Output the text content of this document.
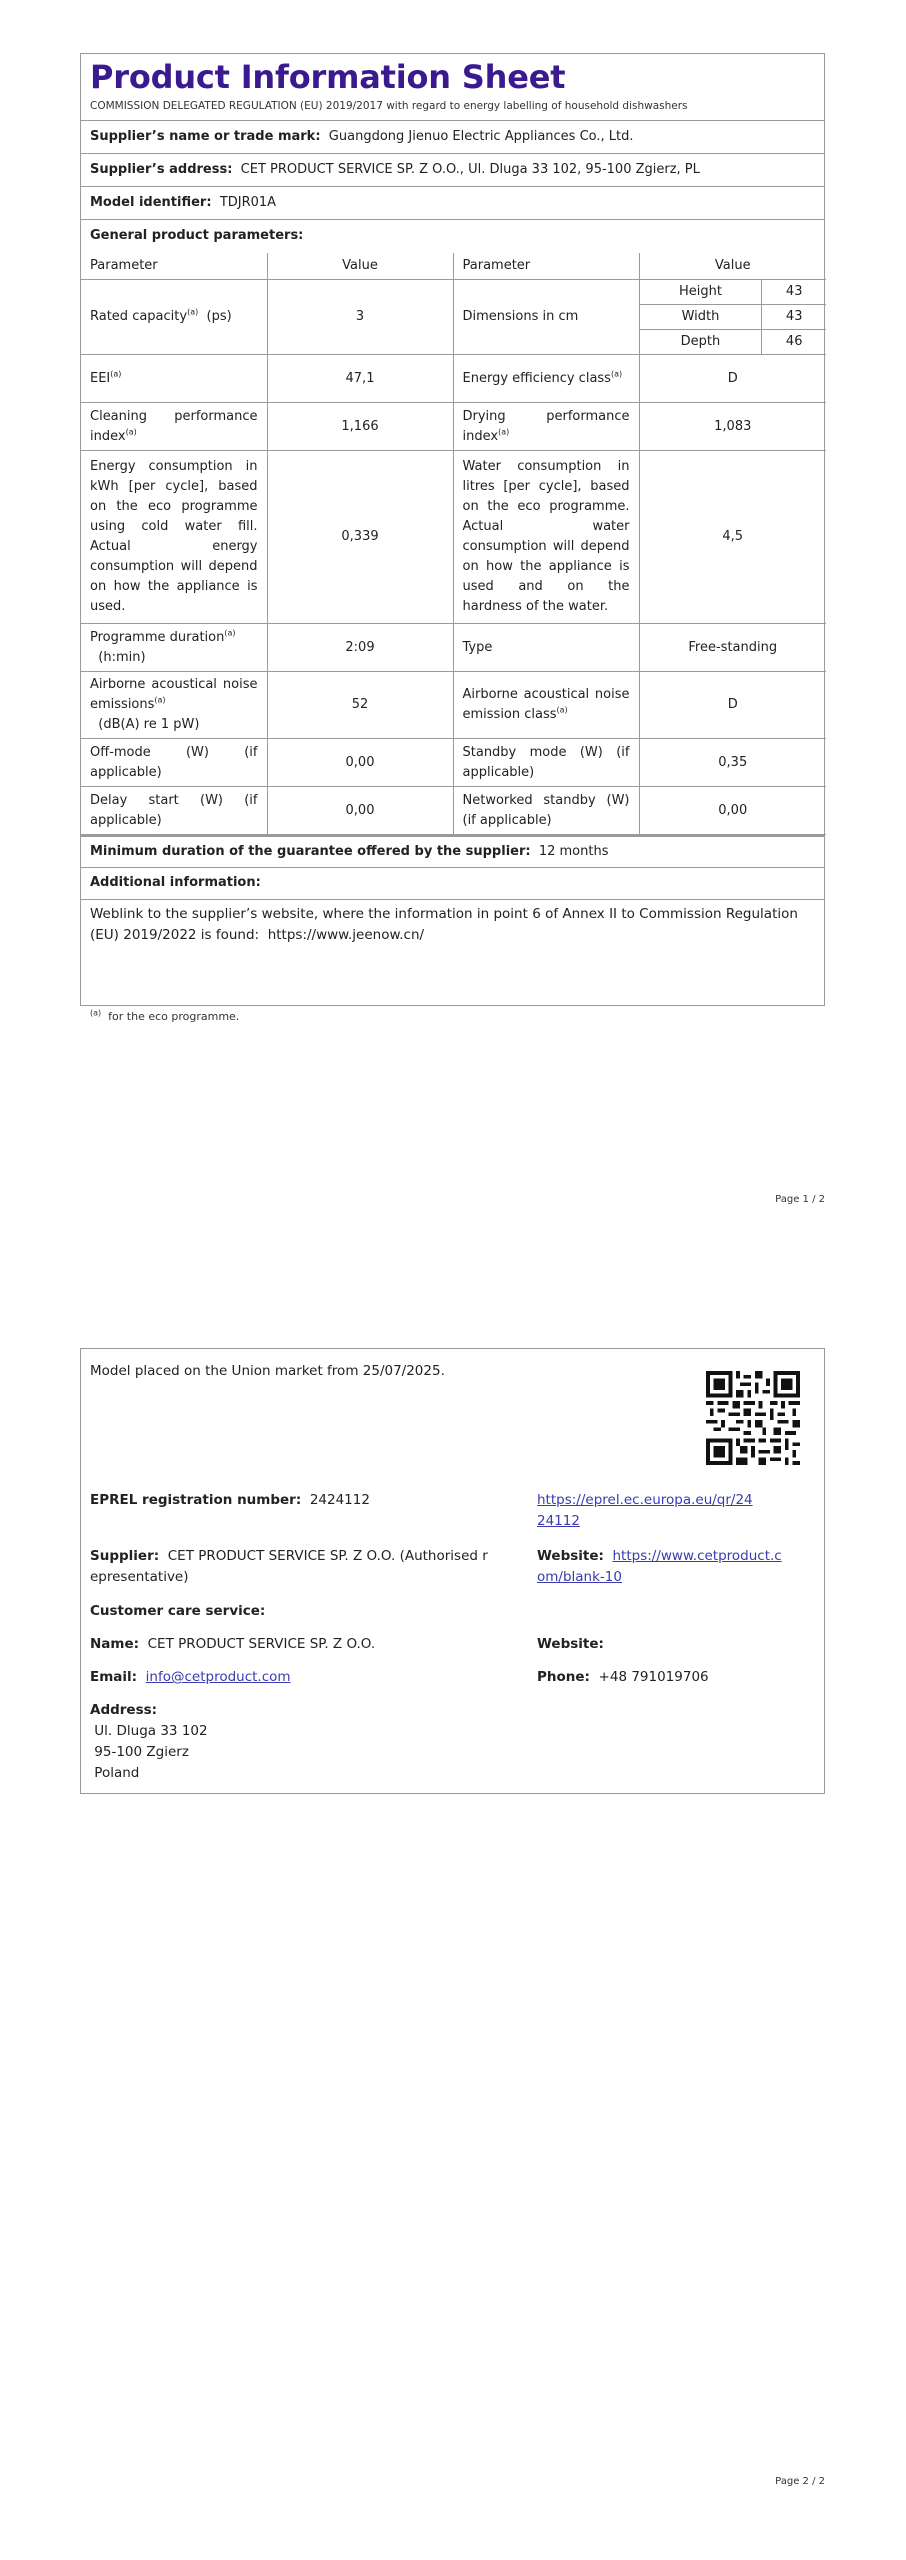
Product Information Sheet
COMMISSION DELEGATED REGULATION (EU) 2019/2017 with regard to energy labelling of household dishwashers
Supplier’s name or trade mark: Guangdong Jienuo Electric Appliances Co., Ltd.
Supplier’s address: CET PRODUCT SERVICE SP. Z O.O., Ul. Dluga 33 102, 95-100 Zgierz, PL
Model identifier: TDJR01A
General product parameters:
Parameter	Value	Parameter	Value
Rated capacity$^{(a)}$ (ps)	3	Dimensions in cm	
Height	43
Width	43
Depth	46

EEI$^{(a)}$	47,1	Energy efficiency class$^{(a)}$	D
Cleaning performance index$^{(a)}$	1,166	Drying performance index$^{(a)}$	1,083
Energy consumption in kWh [per cycle], based on the eco programme using cold water fill. Actual energy consumption will depend on how the appliance is used.	0,339	Water consumption in litres [per cycle], based on the eco programme. Actual water consumption will depend on how the appliance is used and on the hardness of the water.	4,5
Programme duration$^{(a)}$
(h:min)	2:09	Type	Free-standing
Airborne acoustical noise emissions$^{(a)}$
(dB(A) re 1 pW)	52	Airborne acoustical noise emission class$^{(a)}$	D
Off-mode (W) (if applicable)	0,00	Standby mode (W) (if applicable)	0,35
Delay start (W) (if applicable)	0,00	Networked standby (W) (if applicable)	0,00
Minimum duration of the guarantee offered by the supplier: 12 months
Additional information:
Weblink to the supplier’s website, where the information in point 6 of Annex II to Commission Regulation (EU) 2019/2022 is found: https://www.jeenow.cn/
$^{(a)}$ for the eco programme.
Page 1 / 2
Model placed on the Union market from 25/07/2025.
EPREL registration number: 2424112	https://eprel.ec.europa.eu/qr/24
24112
Supplier: CET PRODUCT SERVICE SP. Z O.O. (Authorised r
epresentative)
Website: https://www.cetproduct.c
om/blank-10
Customer care service:
Name: CET PRODUCT SERVICE SP. Z O.O.	Website:
Email: info@cetproduct.com	Phone: +48 791019706
Address:
Ul. Dluga 33 102
95-100 Zgierz
Poland
Page 2 / 2
